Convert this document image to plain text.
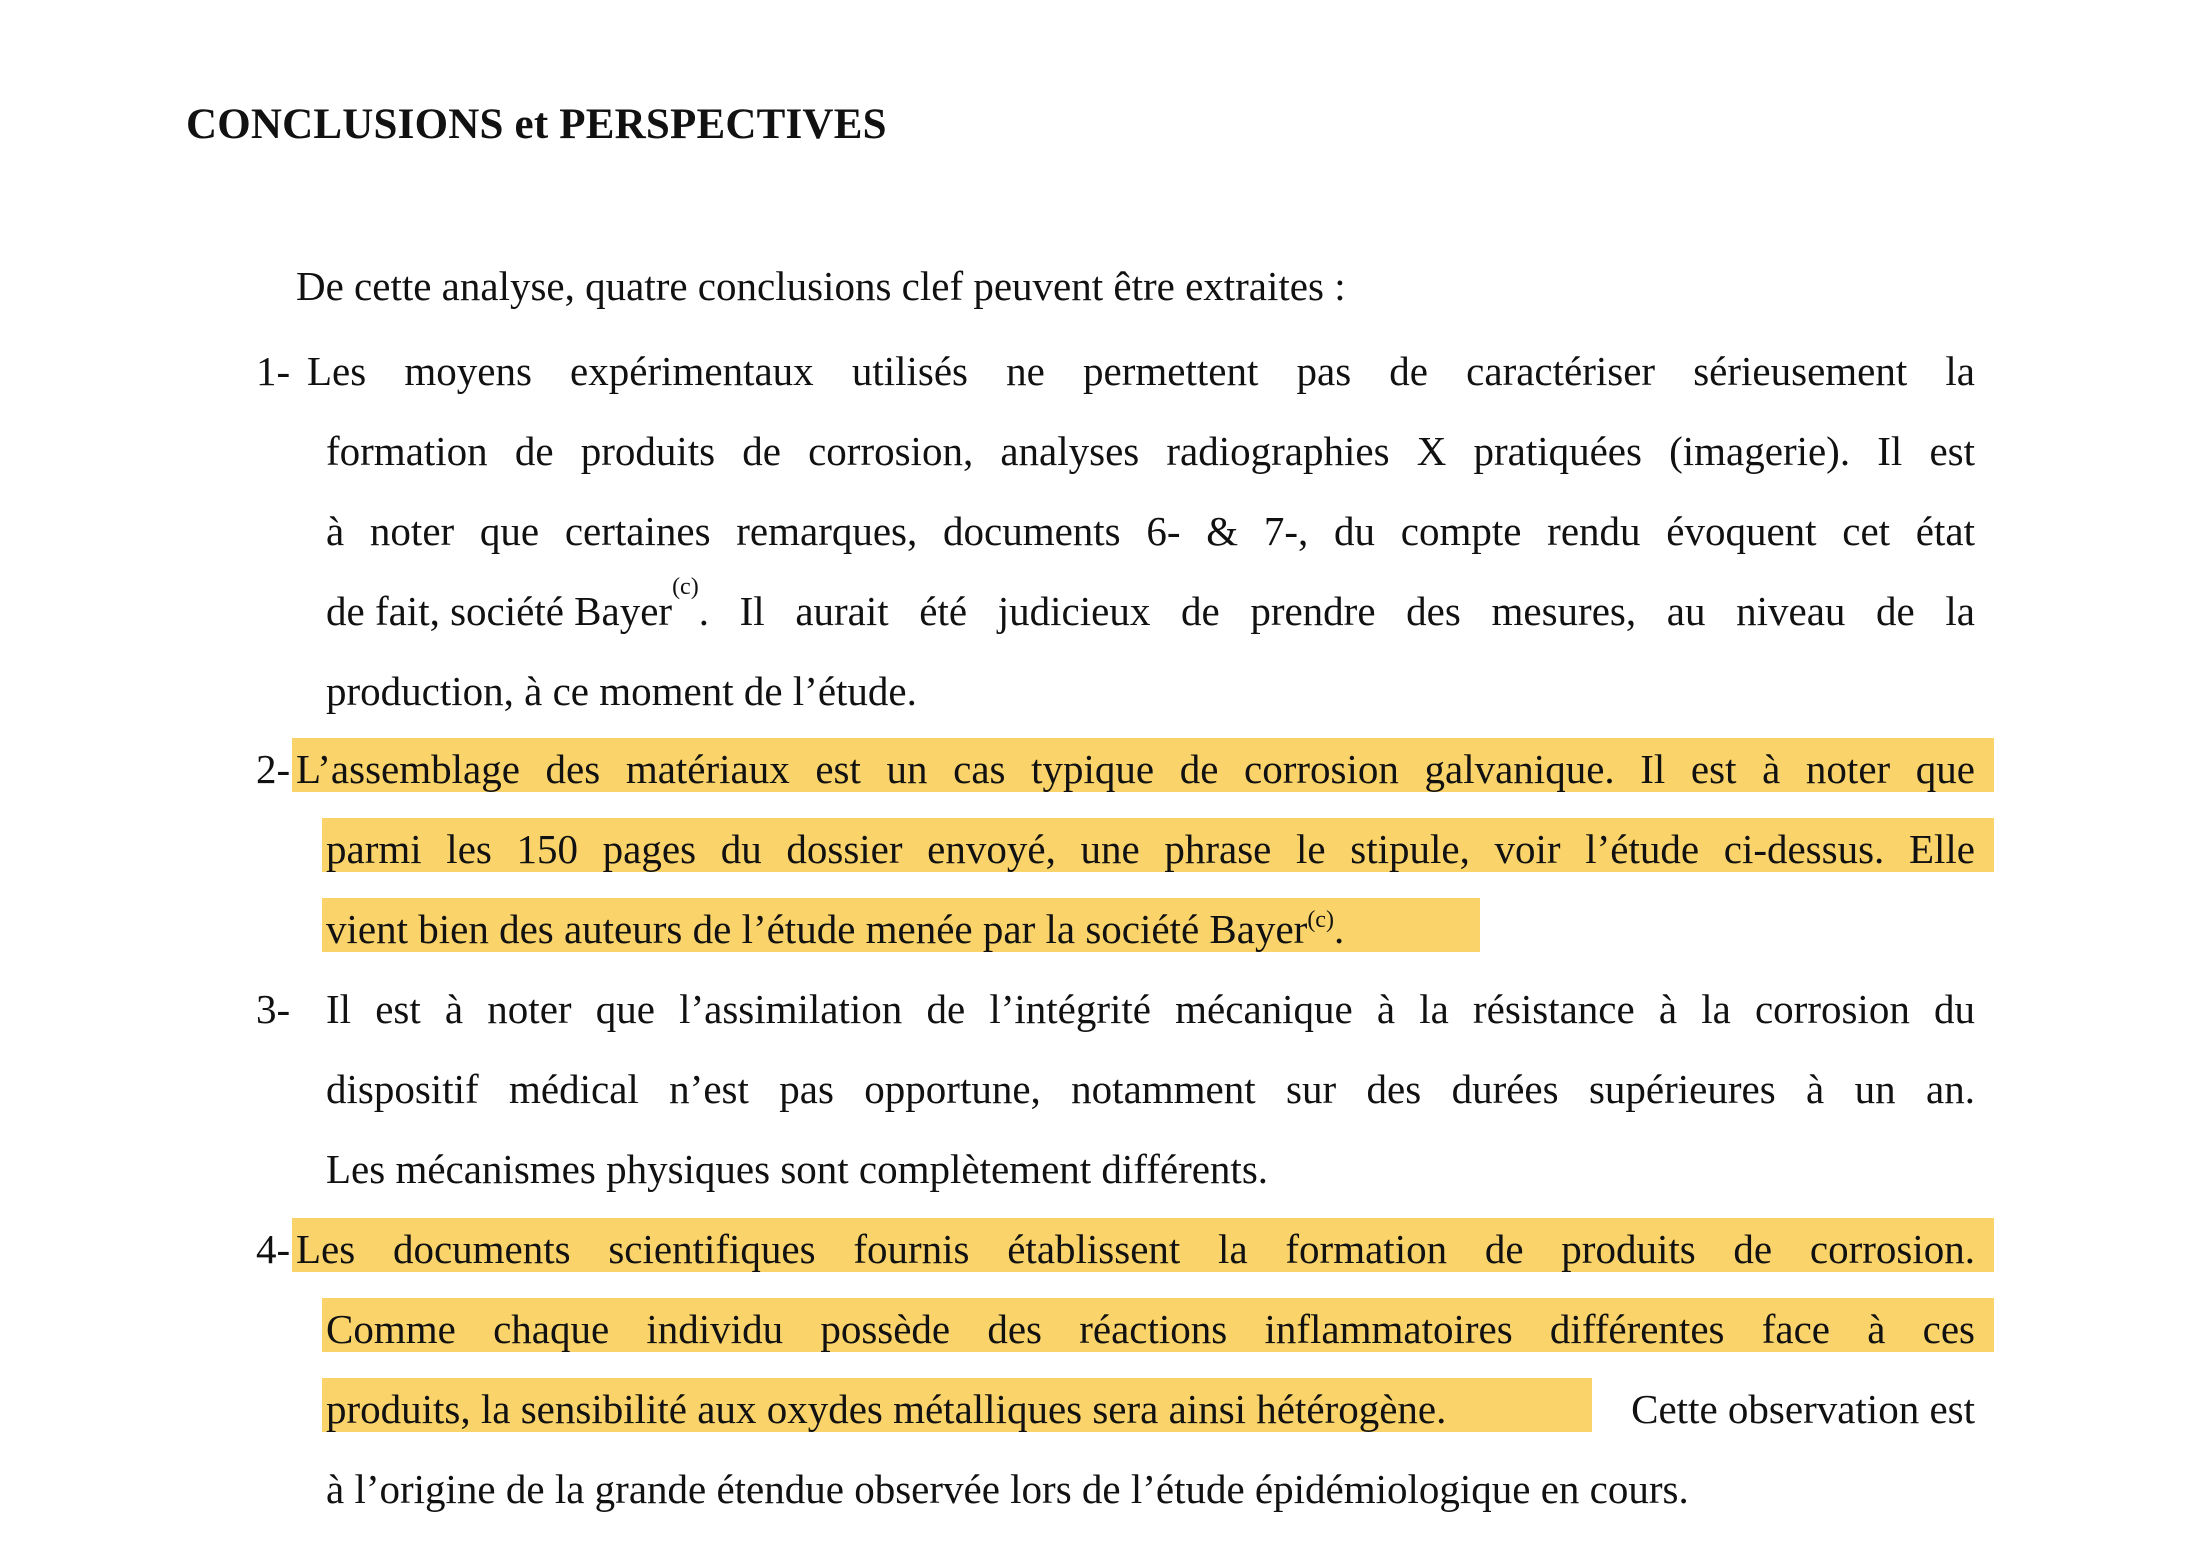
CONCLUSIONS et PERSPECTIVES
De cette analyse, quatre conclusions clef peuvent être extraites :
1- Les moyens expérimentaux utilisés ne permettent pas de caractériser sérieusement la
formation de produits de corrosion, analyses radiographies X pratiquées (imagerie). Il est
à noter que certaines remarques, documents 6- & 7-, du compte rendu évoquent cet état
de fait, société Bayer
(c)
. Il aurait été judicieux de prendre des mesures, au niveau de la
production, à ce moment de l’étude.
2- L’assemblage des matériaux est un cas typique de corrosion galvanique. Il est à noter que
parmi les 150 pages du dossier envoyé, une phrase le stipule, voir l’étude ci-dessus. Elle
vient bien des auteurs de l’étude menée par la société Bayer$^{(c)}$.
3- Il est à noter que l’assimilation de l’intégrité mécanique à la résistance à la corrosion du
dispositif médical n’est pas opportune, notamment sur des durées supérieures à un an.
Les mécanismes physiques sont complètement différents.
4- Les documents scientifiques fournis établissent la formation de produits de corrosion.
Comme chaque individu possède des réactions inflammatoires différentes face à ces
produits, la sensibilité aux oxydes métalliques sera ainsi hétérogène.	Cette observation est
à l’origine de la grande étendue observée lors de l’étude épidémiologique en cours.
